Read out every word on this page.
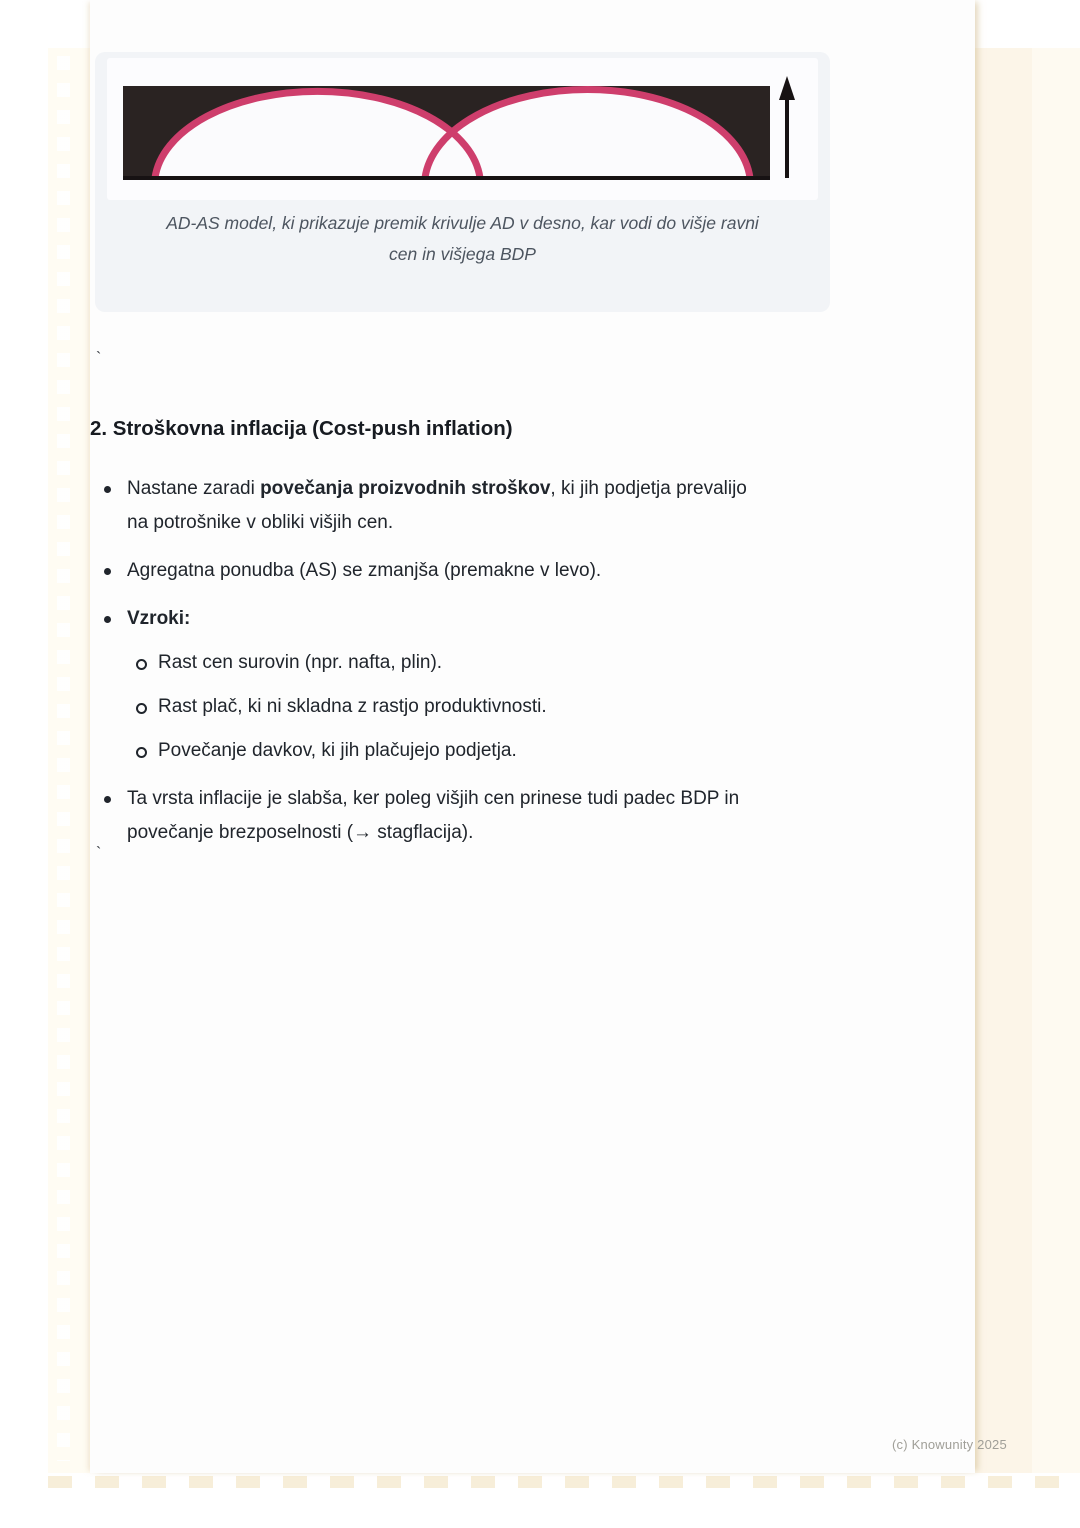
AD-AS model, ki prikazuje premik krivulje AD v desno, kar vodi do višje ravni
cen in višjega BDP
`
2. Stroškovna inflacija (Cost-push inflation)
Nastane zaradi povečanja proizvodnih stroškov, ki jih podjetja prevalijo
na potrošnike v obliki višjih cen.
Agregatna ponudba (AS) se zmanjša (premakne v levo).
Vzroki:
Rast cen surovin (npr. nafta, plin).
Rast plač, ki ni skladna z rastjo produktivnosti.
Povečanje davkov, ki jih plačujejo podjetja.
Ta vrsta inflacije je slabša, ker poleg višjih cen prinese tudi padec BDP in
povečanje brezposelnosti (→ stagflacija).
`
(c) Knowunity 2025
